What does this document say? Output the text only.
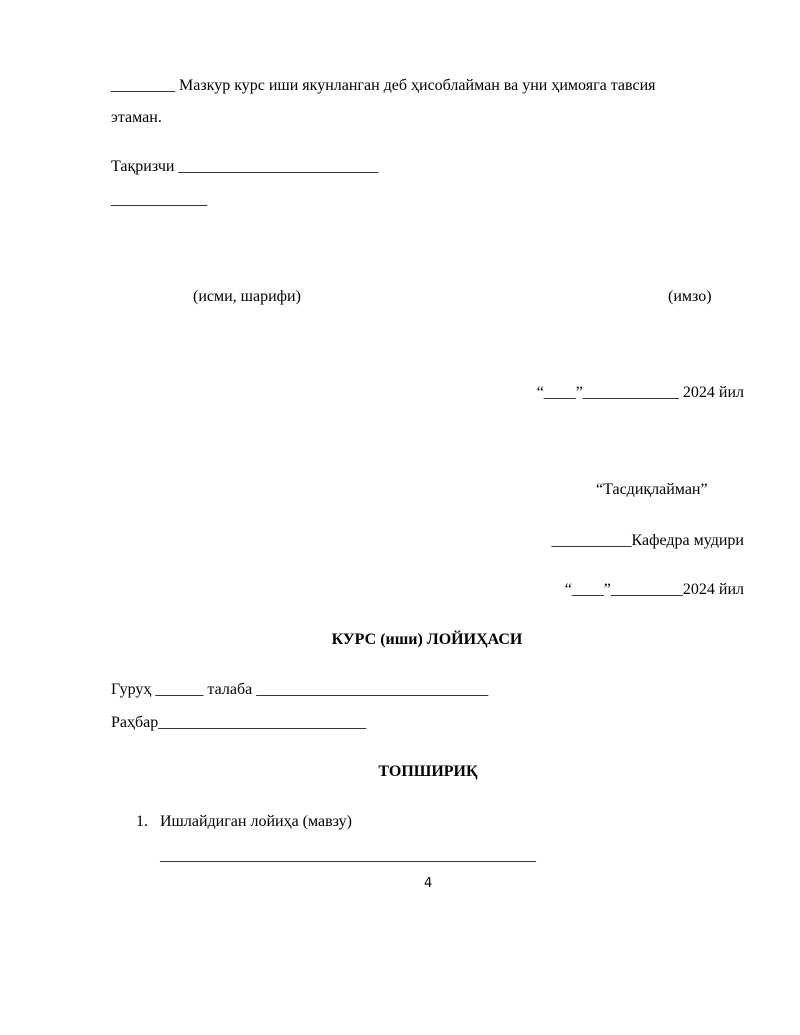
________ Мазкур курс иши якунланган деб ҳисоблайман ва уни ҳимояга тавсия
этаман.
Тақризчи _________________________
____________
(исми, шарифи)	(имзо)
“____”____________ 2024 йил
“Тасдиқлайман”
__________Кафедра мудири
“____”_________2024 йил
КУРС (иши) ЛОЙИҲАСИ
Гуруҳ ______ талаба _____________________________
Раҳбар__________________________
ТОПШИРИҚ
1. Ишлайдиган лойиҳа (мавзу)
_______________________________________________
4
